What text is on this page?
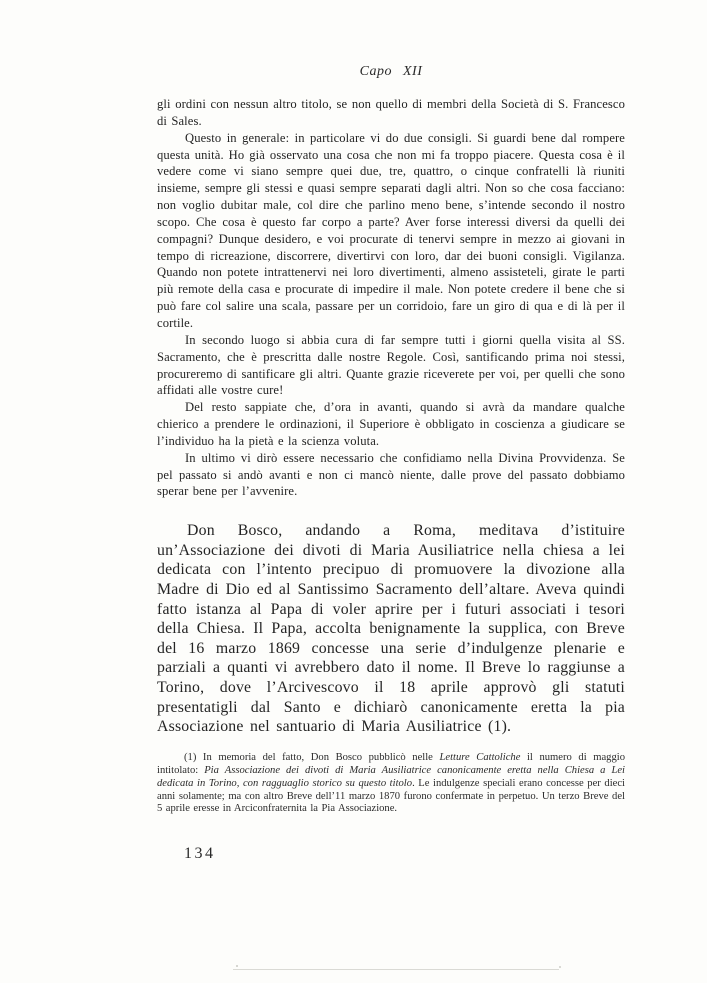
Capo XII

gli ordini con nessun altro titolo, se non quello di membri della Società di S. Francesco di Sales.

Questo in generale: in particolare vi do due consigli. Si guardi bene dal rompere questa unità. Ho già osservato una cosa che non mi fa troppo piacere. Questa cosa è il vedere come vi siano sempre quei due, tre, quattro, o cinque confratelli là riuniti insieme, sempre gli stessi e quasi sempre separati dagli altri. Non so che cosa facciano: non voglio dubitar male, col dire che parlino meno bene, s’intende secondo il nostro scopo. Che cosa è questo far corpo a parte? Aver forse interessi diversi da quelli dei compagni? Dunque desidero, e voi procurate di tenervi sempre in mezzo ai giovani in tempo di ricreazione, discorrere, divertirvi con loro, dar dei buoni consigli. Vigilanza. Quando non potete intrattenervi nei loro divertimenti, almeno assisteteli, girate le parti più remote della casa e procurate di impedire il male. Non potete credere il bene che si può fare col salire una scala, passare per un corridoio, fare un giro di qua e di là per il cortile.

In secondo luogo si abbia cura di far sempre tutti i giorni quella visita al SS. Sacramento, che è prescritta dalle nostre Regole. Così, santificando prima noi stessi, procureremo di santificare gli altri. Quante grazie riceverete per voi, per quelli che sono affidati alle vostre cure!

Del resto sappiate che, d’ora in avanti, quando si avrà da mandare qualche chierico a prendere le ordinazioni, il Superiore è obbligato in coscienza a giudicare se l’individuo ha la pietà e la scienza voluta.

In ultimo vi dirò essere necessario che confidiamo nella Divina Provvidenza. Se pel passato si andò avanti e non ci mancò niente, dalle prove del passato dobbiamo sperar bene per l’avvenire.

Don Bosco, andando a Roma, meditava d’istituire un’Associazione dei divoti di Maria Ausiliatrice nella chiesa a lei dedicata con l’intento precipuo di promuovere la divozione alla Madre di Dio ed al Santissimo Sacramento dell’altare. Aveva quindi fatto istanza al Papa di voler aprire per i futuri associati i tesori della Chiesa. Il Papa, accolta benignamente la supplica, con Breve del 16 marzo 1869 concesse una serie d’indulgenze plenarie e parziali a quanti vi avrebbero dato il nome. Il Breve lo raggiunse a Torino, dove l’Arcivescovo il 18 aprile approvò gli statuti presentatigli dal Santo e dichiarò canonicamente eretta la pia Associazione nel santuario di Maria Ausiliatrice (1).

(1) In memoria del fatto, Don Bosco pubblicò nelle Letture Cattoliche il numero di maggio intitolato: Pia Associazione dei divoti di Maria Ausiliatrice canonicamente eretta nella Chiesa a Lei dedicata in Torino, con ragguaglio storico su questo titolo. Le indulgenze speciali erano concesse per dieci anni solamente; ma con altro Breve dell’11 marzo 1870 furono confermate in perpetuo. Un terzo Breve del 5 aprile eresse in Arciconfraternita la Pia Associazione.

134
